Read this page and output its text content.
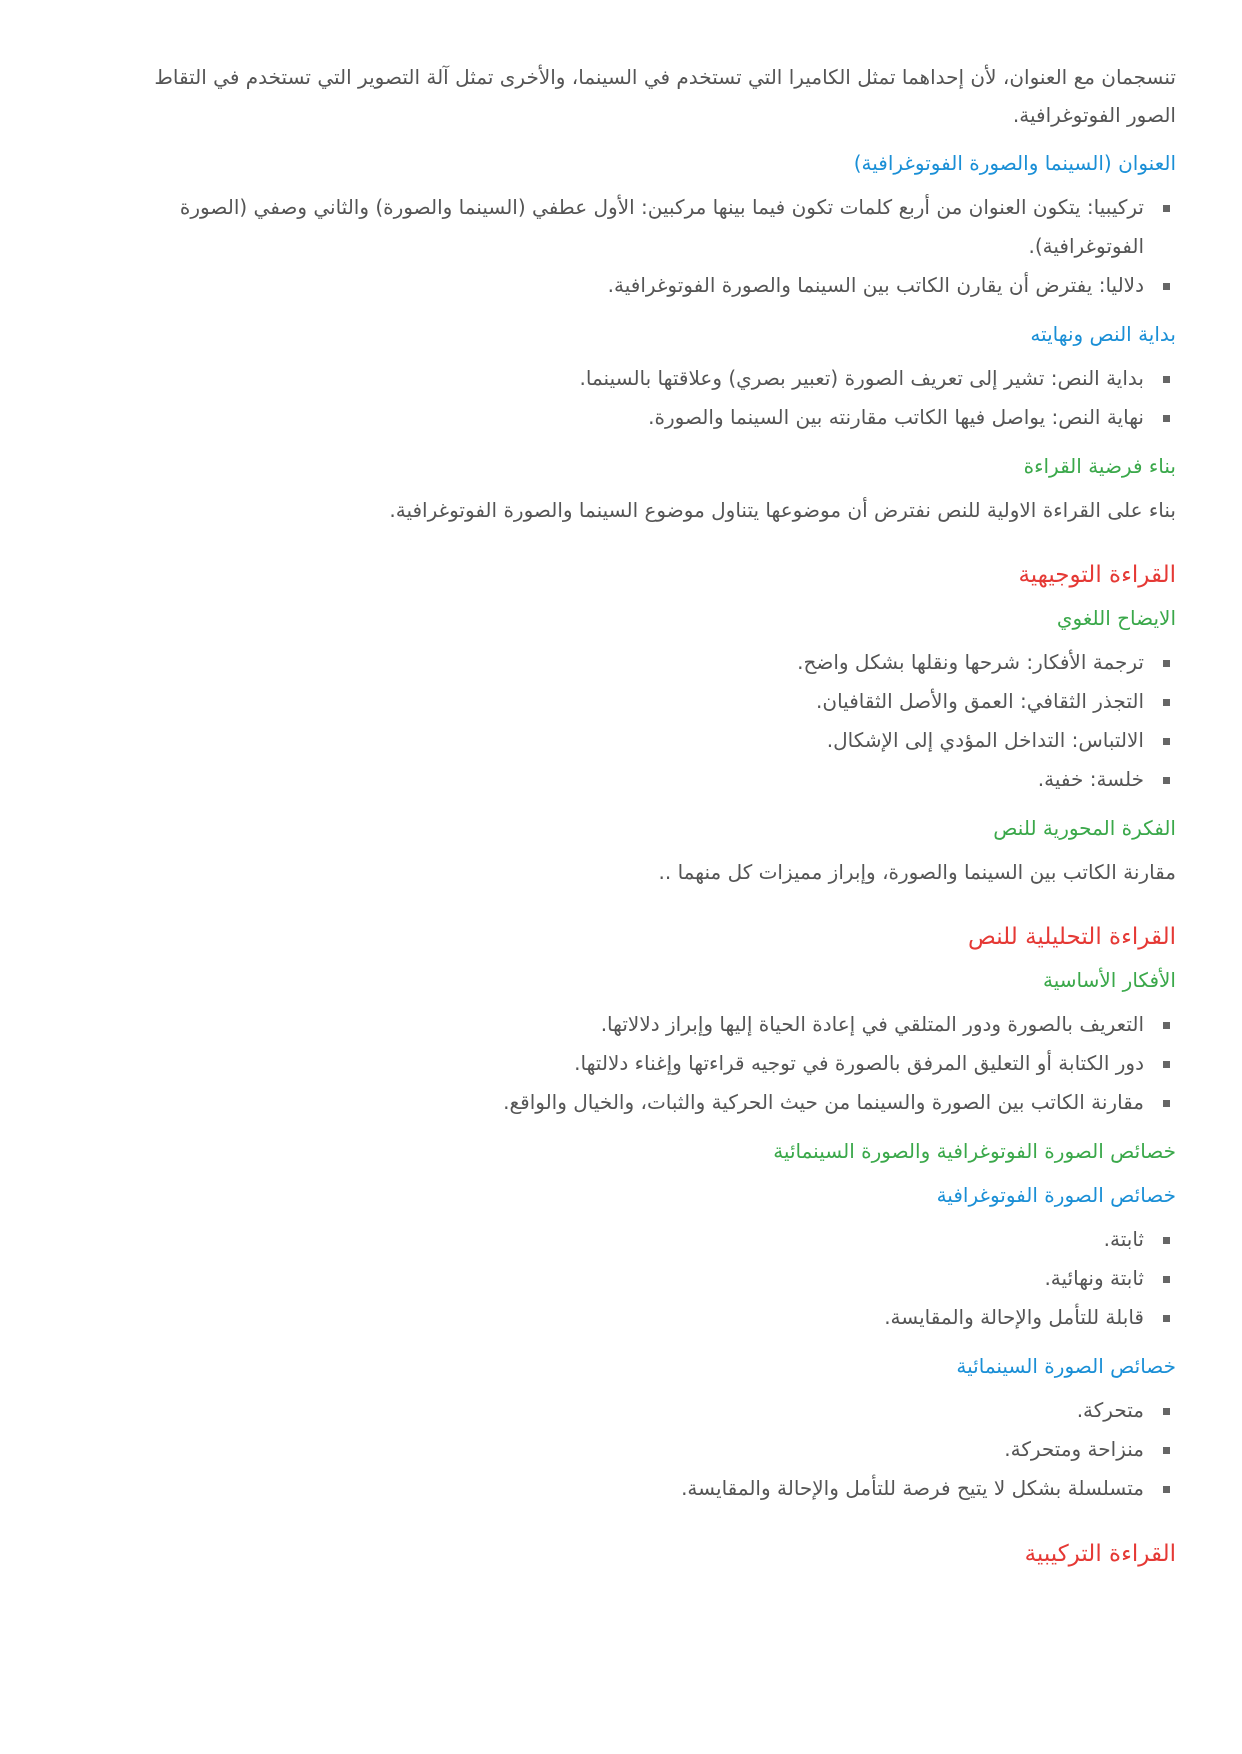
تنسجمان مع العنوان، لأن إحداهما تمثل الكاميرا التي تستخدم في السينما، والأخرى تمثل آلة التصوير التي تستخدم في التقاط الصور الفوتوغرافية.

العنوان (السينما والصورة الفوتوغرافية)
تركيبيا: يتكون العنوان من أربع كلمات تكون فيما بينها مركبين: الأول عطفي (السينما والصورة) والثاني وصفي (الصورة الفوتوغرافية).
دلاليا: يفترض أن يقارن الكاتب بين السينما والصورة الفوتوغرافية.
بداية النص ونهايته
بداية النص: تشير إلى تعريف الصورة (تعبير بصري) وعلاقتها بالسينما.
نهاية النص: يواصل فيها الكاتب مقارنته بين السينما والصورة.
بناء فرضية القراءة

بناء على القراءة الاولية للنص نفترض أن موضوعها يتناول موضوع السينما والصورة الفوتوغرافية.

القراءة التوجيهية
الايضاح اللغوي
ترجمة الأفكار: شرحها ونقلها بشكل واضح.
التجذر الثقافي: العمق والأصل الثقافيان.
الالتباس: التداخل المؤدي إلى الإشكال.
خلسة: خفية.
الفكرة المحورية للنص

مقارنة الكاتب بين السينما والصورة، وإبراز مميزات كل منهما ..

القراءة التحليلية للنص
الأفكار الأساسية
التعريف بالصورة ودور المتلقي في إعادة الحياة إليها وإبراز دلالاتها.
دور الكتابة أو التعليق المرفق بالصورة في توجيه قراءتها وإغناء دلالتها.
مقارنة الكاتب بين الصورة والسينما من حيث الحركية والثبات، والخيال والواقع.
خصائص الصورة الفوتوغرافية والصورة السينمائية
خصائص الصورة الفوتوغرافية
ثابتة.
ثابتة ونهائية.
قابلة للتأمل والإحالة والمقايسة.
خصائص الصورة السينمائية
متحركة.
منزاحة ومتحركة.
متسلسلة بشكل لا يتيح فرصة للتأمل والإحالة والمقايسة.
القراءة التركيبية
